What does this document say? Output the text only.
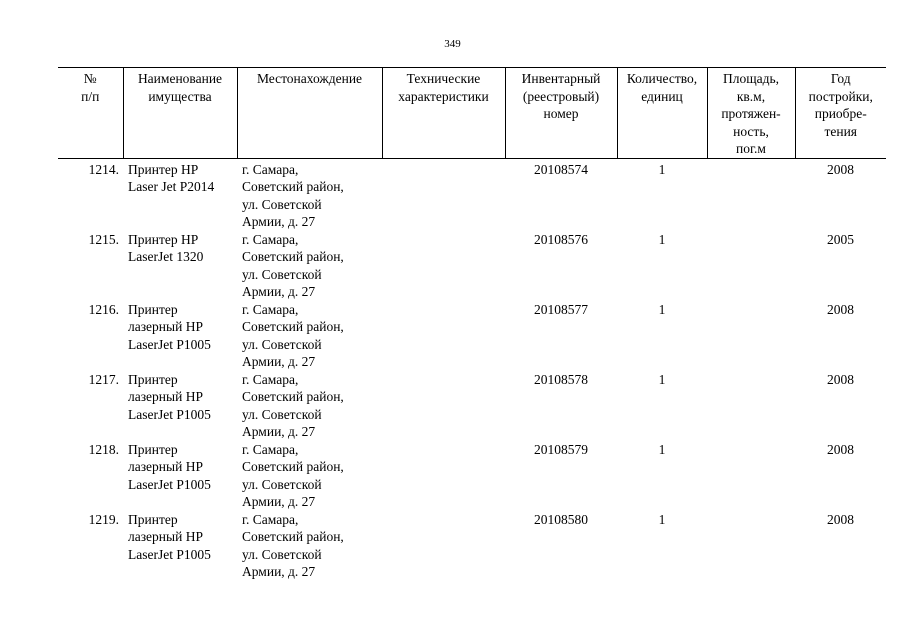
349
№
п/п	Наименование
имущества	Местонахождение	Технические
характеристики	Инвентарный
(реестровый)
номер	Количество,
единиц	Площадь,
кв.м,
протяжен-
ность,
пог.м	Год
постройки,
приобре-
тения
1214.	Принтер HP
Laser Jet P2014	г. Самара,
Советский район,
ул. Советской
Армии, д. 27		20108574	1		2008
1215.	Принтер HP
LaserJet 1320	г. Самара,
Советский район,
ул. Советской
Армии, д. 27		20108576	1		2005
1216.	Принтер
лазерный HP
LaserJet P1005	г. Самара,
Советский район,
ул. Советской
Армии, д. 27		20108577	1		2008
1217.	Принтер
лазерный HP
LaserJet P1005	г. Самара,
Советский район,
ул. Советской
Армии, д. 27		20108578	1		2008
1218.	Принтер
лазерный HP
LaserJet P1005	г. Самара,
Советский район,
ул. Советской
Армии, д. 27		20108579	1		2008
1219.	Принтер
лазерный HP
LaserJet P1005	г. Самара,
Советский район,
ул. Советской
Армии, д. 27		20108580	1		2008
